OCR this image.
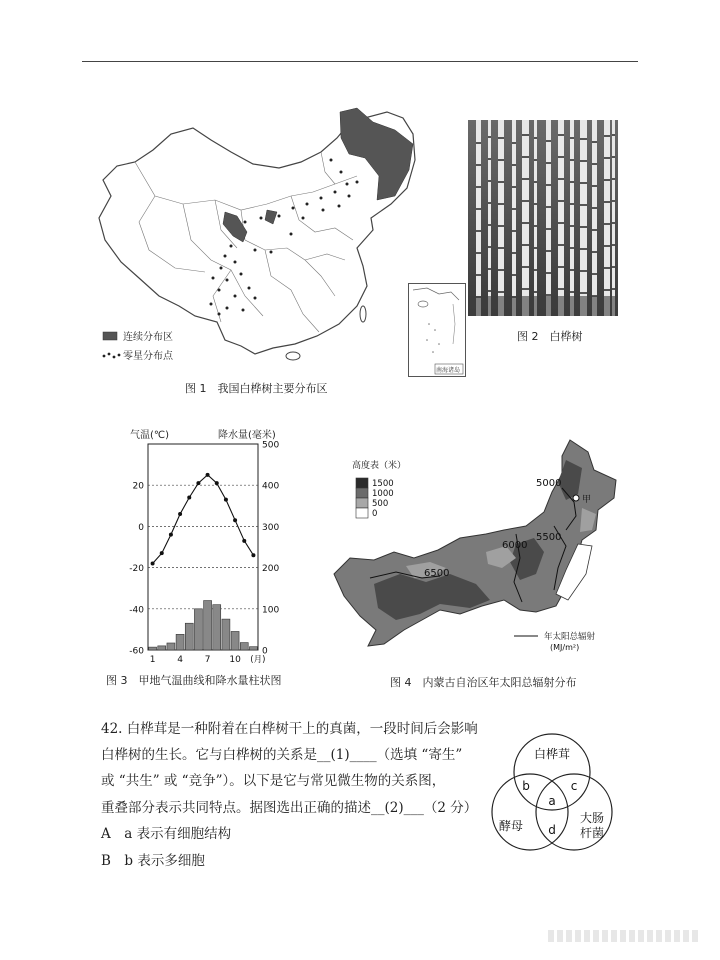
连续分布区
零星分布点
南海诸岛
图 1　我国白桦树主要分布区
图 2　白桦树
气温(℃)	降水量(毫米)
20
0
-20
-40
-60
500
400
300
200
100
0
1 4 7 10 (月)
图 3　甲地气温曲线和降水量柱状图
甲
5000
5500
6000
6500
高度表（米）
1500
1000
500
0
年太阳总辐射
(MJ/m²)
图 4　内蒙古自治区年太阳总辐射分布
42. 白桦茸是一种附着在白桦树干上的真菌，一段时间后会影响
白桦树的生长。它与白桦树的关系是__(1)____（选填 “寄生”
或 “共生” 或 “竞争”）。以下是它与常见微生物的关系图，
重叠部分表示共同特点。据图选出正确的描述__(2)___（2 分）
A　a 表示有细胞结构
B　b 表示多细胞
白桦茸
酵母
大肠
杆菌
a
b	c
d
